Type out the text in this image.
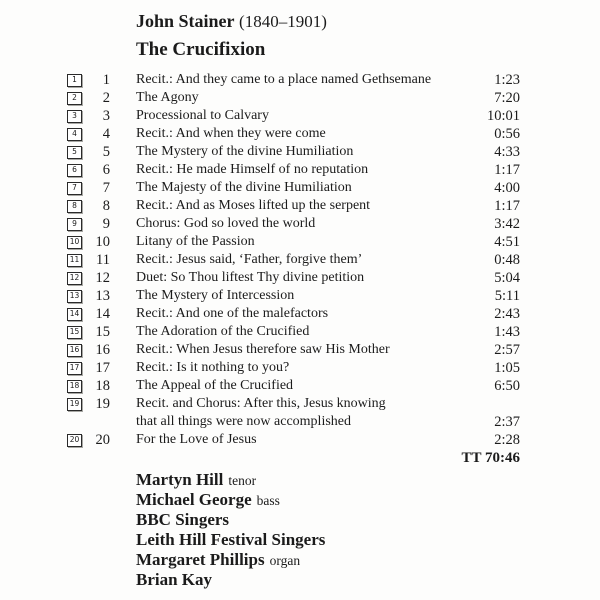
John Stainer (1840–1901)
The Crucifixion
1	1 Recit.: And they came to a place named Gethsemane	1:23
2	2 The Agony	7:20
3	3 Processional to Calvary	10:01
4	4 Recit.: And when they were come	0:56
5	5 The Mystery of the divine Humiliation	4:33
6	6 Recit.: He made Himself of no reputation	1:17
7	7 The Majesty of the divine Humiliation	4:00
8	8 Recit.: And as Moses lifted up the serpent	1:17
9	9 Chorus: God so loved the world	3:42
10	10 Litany of the Passion	4:51
11	11 Recit.: Jesus said, ‘Father, forgive them’	0:48
12	12 Duet: So Thou liftest Thy divine petition	5:04
13	13 The Mystery of Intercession	5:11
14	14 Recit.: And one of the malefactors	2:43
15	15 The Adoration of the Crucified	1:43
16	16 Recit.: When Jesus therefore saw His Mother	2:57
17	17 Recit.: Is it nothing to you?	1:05
18	18 The Appeal of the Crucified	6:50
19	19 Recit. and Chorus: After this, Jesus knowing
that all things were now accomplished	2:37
20	20 For the Love of Jesus	2:28
TT 70:46
Martyn Hill tenor
Michael George bass
BBC Singers
Leith Hill Festival Singers
Margaret Phillips organ
Brian Kay
